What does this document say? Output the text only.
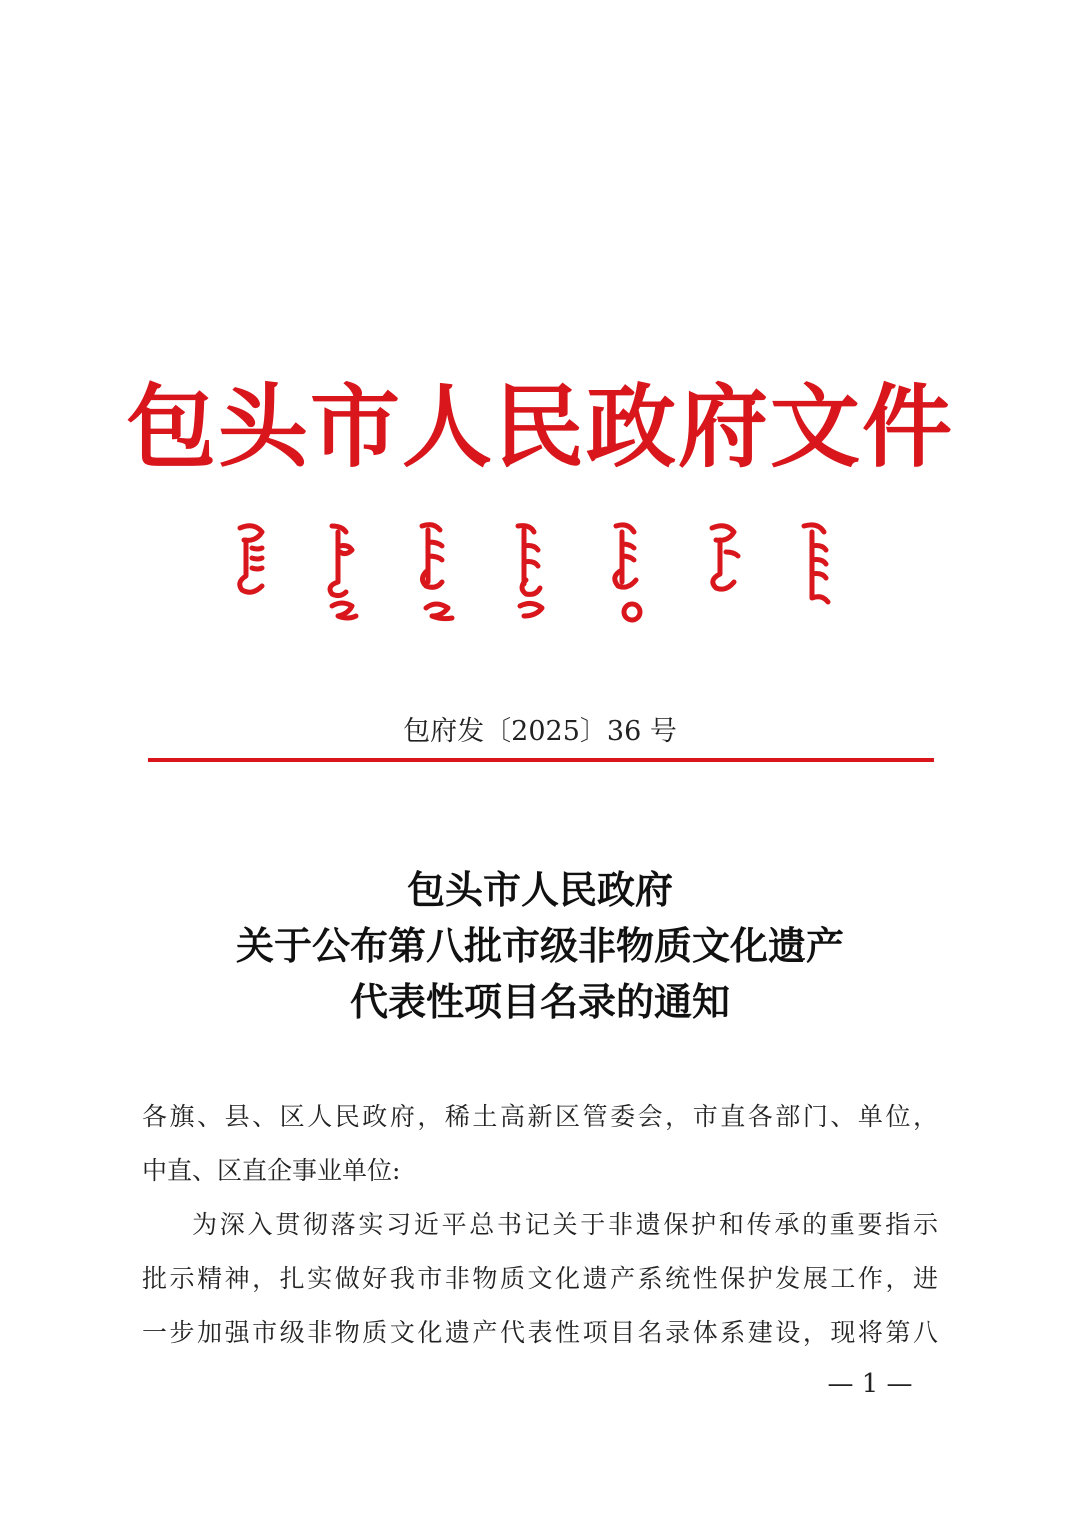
包头市人民政府文件
包府发〔2025〕36 号
包头市人民政府
关于公布第八批市级非物质文化遗产
代表性项目名录的通知
各旗、县、区人民政府，稀土高新区管委会，市直各部门、单位，
中直、区直企事业单位:
为深入贯彻落实习近平总书记关于非遗保护和传承的重要指示
批示精神，扎实做好我市非物质文化遗产系统性保护发展工作，进
一步加强市级非物质文化遗产代表性项目名录体系建设，现将第八
— 1 —
